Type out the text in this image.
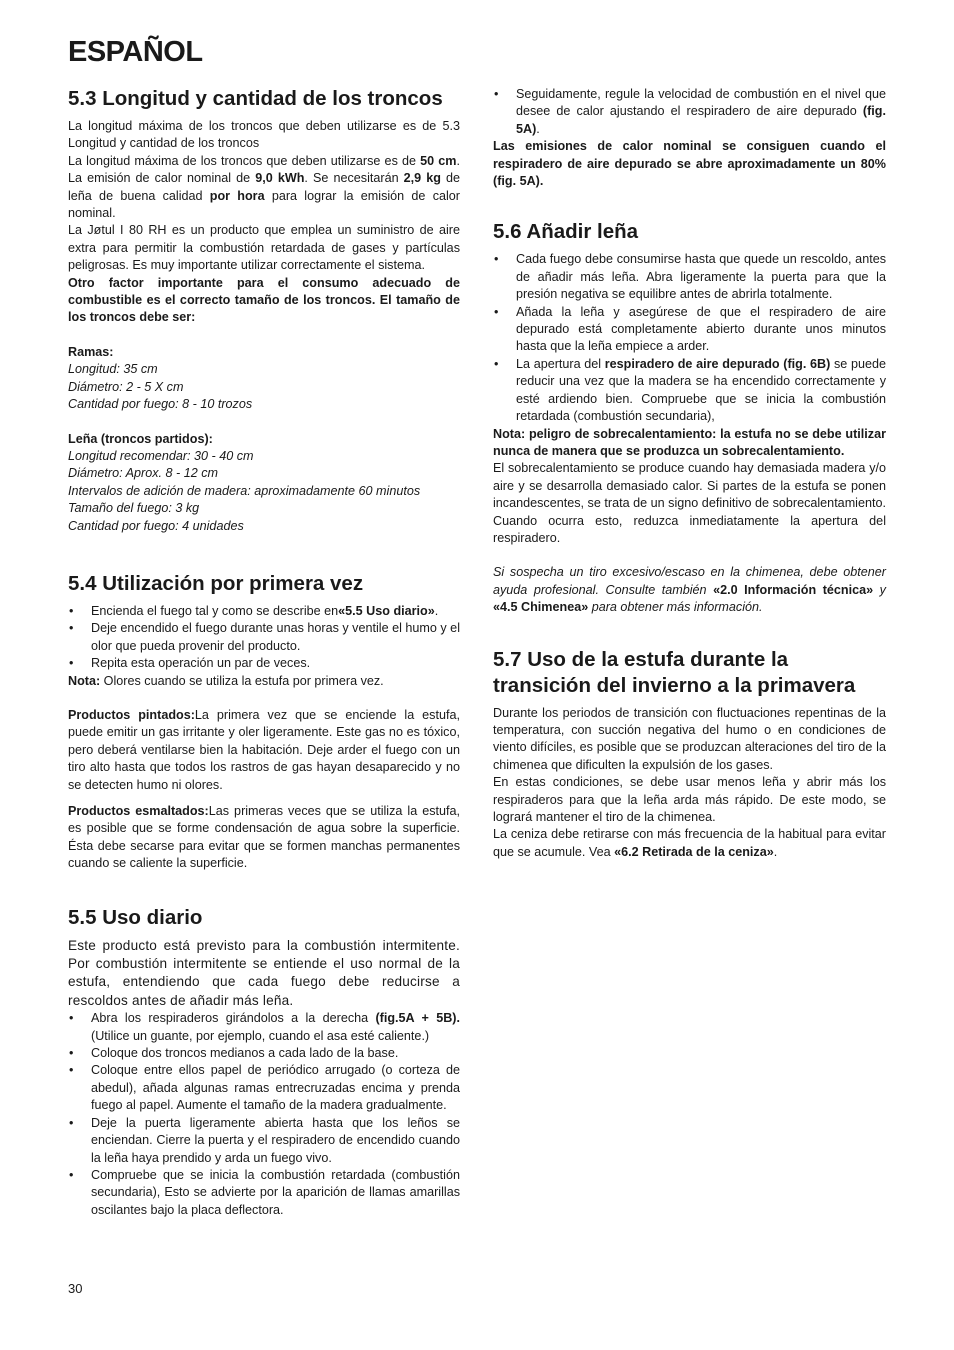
ESPAÑOL
5.3 Longitud y cantidad de los troncos

La longitud máxima de los troncos que deben utilizarse es de 5.3 Longitud y cantidad de los troncos

La longitud máxima de los troncos que deben utilizarse es de 50 cm. La emisión de calor nominal de 9,0 kWh. Se necesitarán 2,9 kg de leña de buena calidad por hora para lograr la emisión de calor nominal.

La Jøtul I 80 RH es un producto que emplea un suministro de aire extra para permitir la combustión retardada de gases y partículas peligrosas. Es muy importante utilizar correctamente el sistema.

Otro factor importante para el consumo adecuado de combustible es el correcto tamaño de los troncos. El tamaño de los troncos debe ser:

Ramas:

Longitud: 35 cm

Diámetro: 2 - 5 X cm

Cantidad por fuego: 8 - 10 trozos

Leña (troncos partidos):

Longitud recomendar: 30 - 40 cm

Diámetro: Aprox. 8 - 12 cm

Intervalos de adición de madera: aproximadamente 60 minutos

Tamaño del fuego: 3 kg

Cantidad por fuego: 4 unidades

5.4 Utilización por primera vez
• Encienda el fuego tal y como se describe en«5.5 Uso diario».
• Deje encendido el fuego durante unas horas y ventile el humo y el olor que pueda provenir del producto.
• Repita esta operación un par de veces.

Nota: Olores cuando se utiliza la estufa por primera vez.

Productos pintados:La primera vez que se enciende la estufa, puede emitir un gas irritante y oler ligeramente. Este gas no es tóxico, pero deberá ventilarse bien la habitación. Deje arder el fuego con un tiro alto hasta que todos los rastros de gas hayan desaparecido y no se detecten humo ni olores.

Productos esmaltados:Las primeras veces que se utiliza la estufa, es posible que se forme condensación de agua sobre la superficie. Ésta debe secarse para evitar que se formen manchas permanentes cuando se caliente la superficie.

5.5 Uso diario

Este producto está previsto para la combustión intermitente. Por combustión intermitente se entiende el uso normal de la estufa, entendiendo que cada fuego debe reducirse a rescoldos antes de añadir más leña.

• Abra los respiraderos girándolos a la derecha (fig.5A + 5B). (Utilice un guante, por ejemplo, cuando el asa esté caliente.)
• Coloque dos troncos medianos a cada lado de la base.
• Coloque entre ellos papel de periódico arrugado (o corteza de abedul), añada algunas ramas entrecruzadas encima y prenda fuego al papel. Aumente el tamaño de la madera gradualmente.
• Deje la puerta ligeramente abierta hasta que los leños se enciendan. Cierre la puerta y el respiradero de encendido cuando la leña haya prendido y arda un fuego vivo.
• Compruebe que se inicia la combustión retardada (combustión secundaria), Esto se advierte por la aparición de llamas amarillas oscilantes bajo la placa deflectora.
• Seguidamente, regule la velocidad de combustión en el nivel que desee de calor ajustando el respiradero de aire depurado (fig. 5A).

Las emisiones de calor nominal se consiguen cuando el respiradero de aire depurado se abre aproximadamente un 80% (fig. 5A).

5.6 Añadir leña
• Cada fuego debe consumirse hasta que quede un rescoldo, antes de añadir más leña. Abra ligeramente la puerta para que la presión negativa se equilibre antes de abrirla totalmente.
• Añada la leña y asegúrese de que el respiradero de aire depurado está completamente abierto durante unos minutos hasta que la leña empiece a arder.
• La apertura del respiradero de aire depurado (fig. 6B) se puede reducir una vez que la madera se ha encendido correctamente y esté ardiendo bien. Compruebe que se inicia la combustión retardada (combustión secundaria),

Nota: peligro de sobrecalentamiento: la estufa no se debe utilizar nunca de manera que se produzca un sobrecalentamiento.

El sobrecalentamiento se produce cuando hay demasiada madera y/o aire y se desarrolla demasiado calor. Si partes de la estufa se ponen incandescentes, se trata de un signo definitivo de sobrecalentamiento. Cuando ocurra esto, reduzca inmediatamente la apertura del respiradero.

Si sospecha un tiro excesivo/escaso en la chimenea, debe obtener ayuda profesional. Consulte también «2.0 Información técnica» y «4.5 Chimenea» para obtener más información.

5.7 Uso de la estufa durante la transición del invierno a la primavera

Durante los periodos de transición con fluctuaciones repentinas de la temperatura, con succión negativa del humo o en condiciones de viento difíciles, es posible que se produzcan alteraciones del tiro de la chimenea que dificulten la expulsión de los gases.

En estas condiciones, se debe usar menos leña y abrir más los respiraderos para que la leña arda más rápido. De este modo, se logrará mantener el tiro de la chimenea.

La ceniza debe retirarse con más frecuencia de la habitual para evitar que se acumule. Vea «6.2 Retirada de la ceniza».

30
